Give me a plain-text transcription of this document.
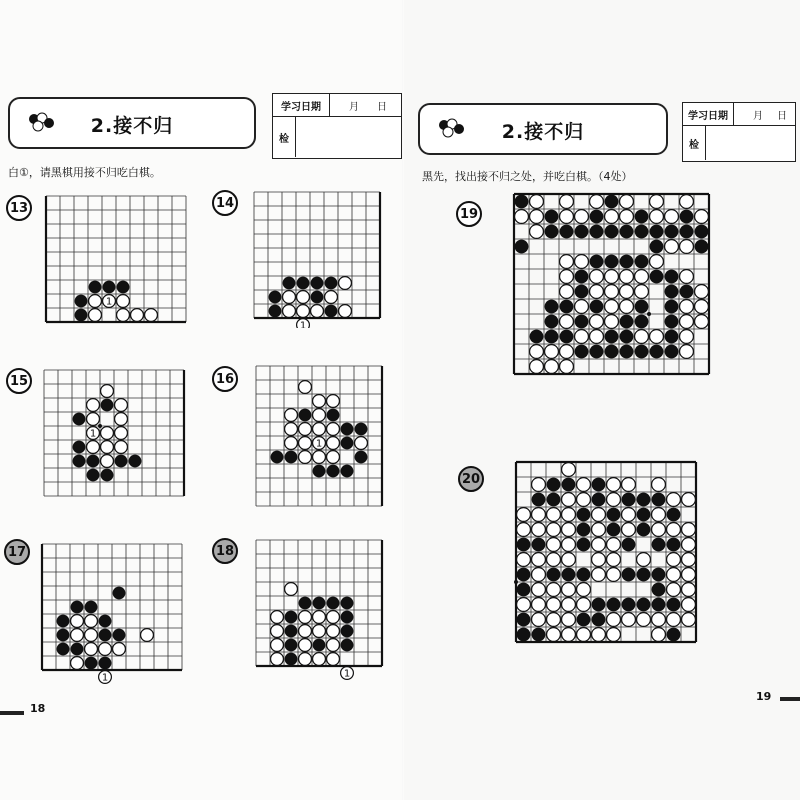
2.接不归
学习日期	月 日
检
白①，请黑棋用接不归吃白棋。
13
1
14
1
15
1
16
1
17
1
18
1
18
2.接不归
学习日期	月 日
检
黑先，找出接不归之处，并吃白棋。（4处）
19
20
19
